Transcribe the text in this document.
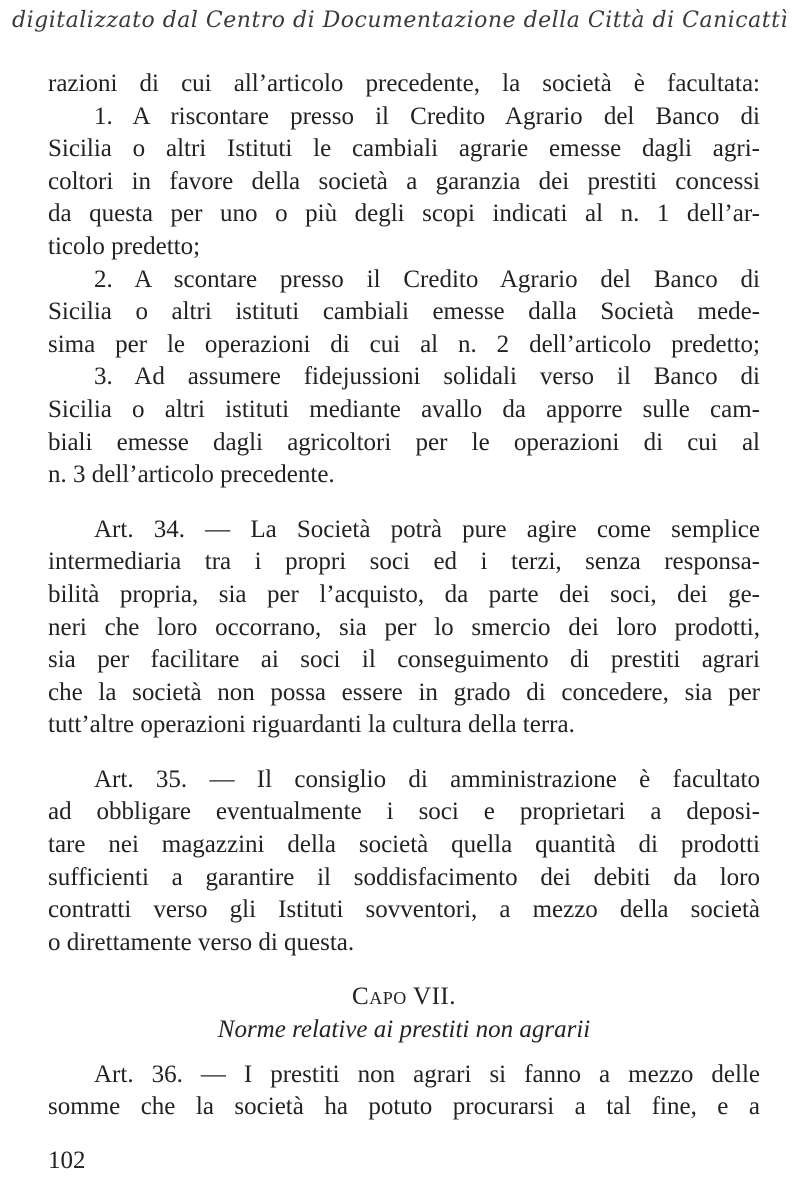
digitalizzato dal Centro di Documentazione della Città di Canicattì
razioni di cui all’articolo precedente, la società è facultata:
1. A riscontare presso il Credito Agrario del Banco di
Sicilia o altri Istituti le cambiali agrarie emesse dagli agri-
coltori in favore della società a garanzia dei prestiti concessi
da questa per uno o più degli scopi indicati al n. 1 dell’ar-
ticolo predetto;
2. A scontare presso il Credito Agrario del Banco di
Sicilia o altri istituti cambiali emesse dalla Società mede-
sima per le operazioni di cui al n. 2 dell’articolo predetto;
3. Ad assumere fidejussioni solidali verso il Banco di
Sicilia o altri istituti mediante avallo da apporre sulle cam-
biali emesse dagli agricoltori per le operazioni di cui al
n. 3 dell’articolo precedente.
Art. 34. — La Società potrà pure agire come semplice
intermediaria tra i propri soci ed i terzi, senza responsa-
bilità propria, sia per l’acquisto, da parte dei soci, dei ge-
neri che loro occorrano, sia per lo smercio dei loro prodotti,
sia per facilitare ai soci il conseguimento di prestiti agrari
che la società non possa essere in grado di concedere, sia per
tutt’altre operazioni riguardanti la cultura della terra.
Art. 35. — Il consiglio di amministrazione è facultato
ad obbligare eventualmente i soci e proprietari a deposi-
tare nei magazzini della società quella quantità di prodotti
sufficienti a garantire il soddisfacimento dei debiti da loro
contratti verso gli Istituti sovventori, a mezzo della società
o direttamente verso di questa.
Capo VII.
Norme relative ai prestiti non agrarii
Art. 36. — I prestiti non agrari si fanno a mezzo delle
somme che la società ha potuto procurarsi a tal fine, e a
102
